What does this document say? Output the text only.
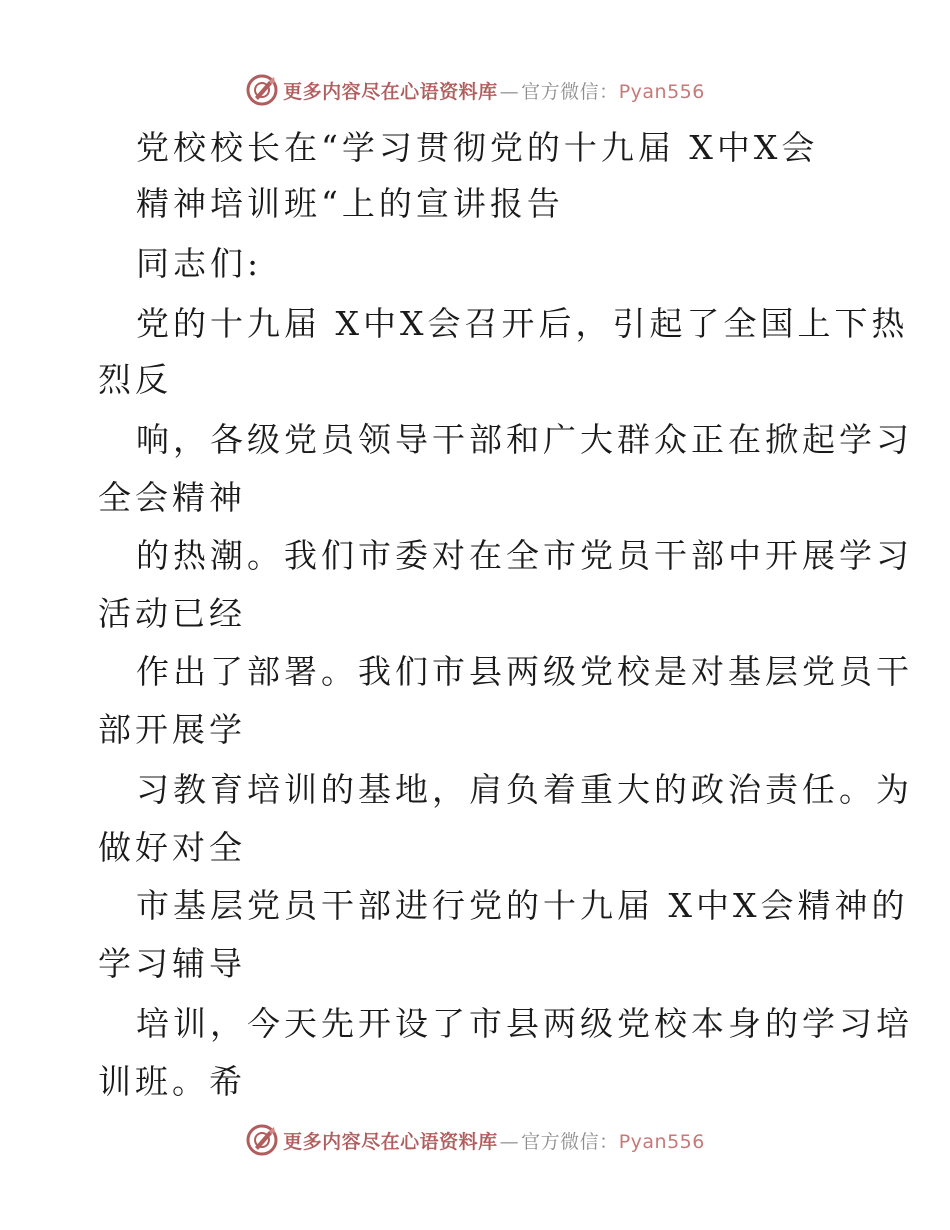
更多内容尽在心语资料库 — 官方微信：Pyan556
党校校长在“学习贯彻党的十九届 X中X会
精神培训班“上的宣讲报告
同志们:
党的十九届 X中X会召开后，引起了全国上下热
烈反
响，各级党员领导干部和广大群众正在掀起学习
全会精神
的热潮。我们市委对在全市党员干部中开展学习
活动已经
作出了部署。我们市县两级党校是对基层党员干
部开展学
习教育培训的基地，肩负着重大的政治责任。为
做好对全
市基层党员干部进行党的十九届 X中X会精神的
学习辅导
培训，今天先开设了市县两级党校本身的学习培
训班。希
更多内容尽在心语资料库 — 官方微信：Pyan556
